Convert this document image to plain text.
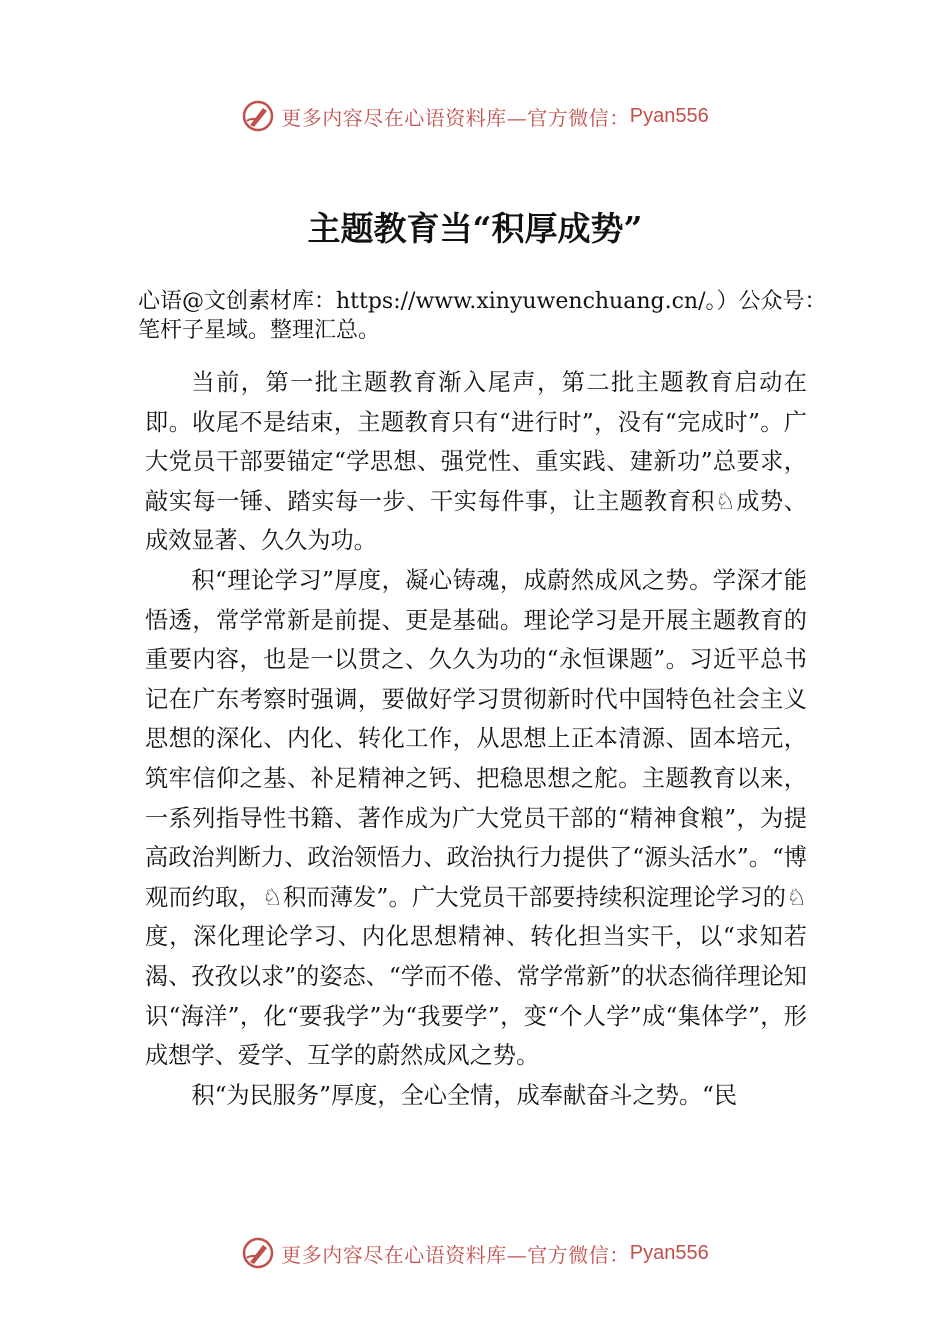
更多内容尽在心语资料库—官方微信： Pyan556
主题教育当“积厚成势”

心语@文创素材库：https://www.xinyuwenchuang.cn/。）公众号：笔杆子星域。整理汇总。

当前，第一批主题教育渐入尾声，第二批主题教育启动在即。收尾不是结束，主题教育只有“进行时”，没有“完成时”。广大党员干部要锚定“学思想、强党性、重实践、建新功”总要求，敲实每一锤、踏实每一步、干实每件事，让主题教育积♘成势、成效显著、久久为功。

积“理论学习”厚度，凝心铸魂，成蔚然成风之势。学深才能悟透，常学常新是前提、更是基础。理论学习是开展主题教育的重要内容，也是一以贯之、久久为功的“永恒课题”。习近平总书记在广东考察时强调，要做好学习贯彻新时代中国特色社会主义思想的深化、内化、转化工作，从思想上正本清源、固本培元，筑牢信仰之基、补足精神之钙、把稳思想之舵。主题教育以来，一系列指导性书籍、著作成为广大党员干部的“精神食粮”，为提高政治判断力、政治领悟力、政治执行力提供了“源头活水”。“博观而约取，♘积而薄发”。广大党员干部要持续积淀理论学习的♘度，深化理论学习、内化思想精神、转化担当实干，以“求知若渴、孜孜以求”的姿态、“学而不倦、常学常新”的状态徜徉理论知识“海洋”，化“要我学”为“我要学”，变“个人学”成“集体学”，形成想学、爱学、互学的蔚然成风之势。

积“为民服务”厚度，全心全情，成奉献奋斗之势。“民

更多内容尽在心语资料库—官方微信： Pyan556
